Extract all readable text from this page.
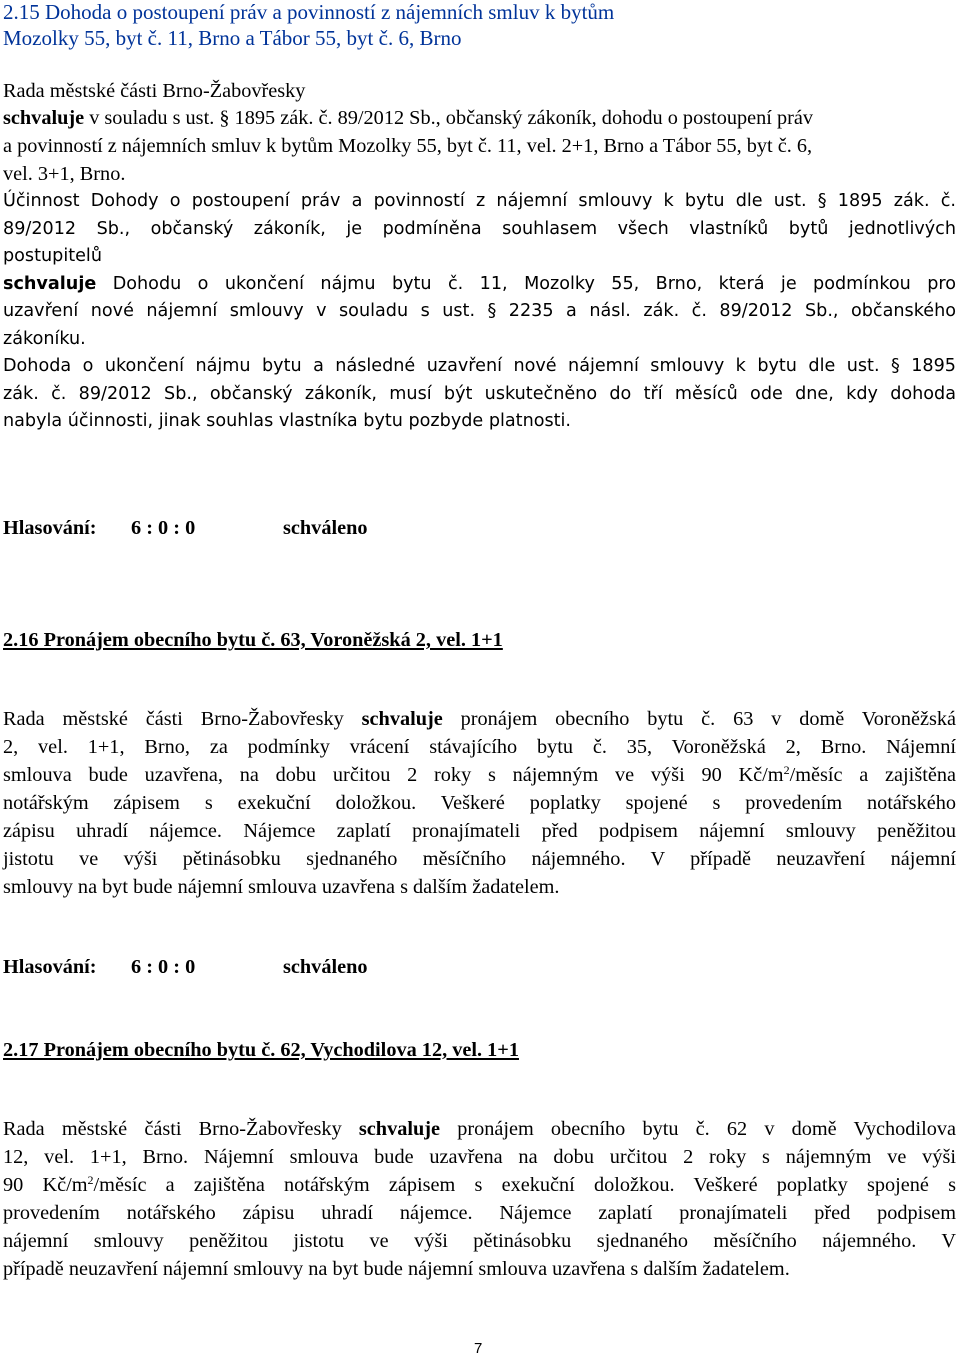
2.15 Dohoda o postoupení práv a povinností z nájemních smluv k bytům
Mozolky 55, byt č. 11, Brno a Tábor 55, byt č. 6, Brno
Rada městské části Brno-Žabovřesky
schvaluje v souladu s ust. § 1895 zák. č. 89/2012 Sb., občanský zákoník, dohodu o postoupení práv
a povinností z nájemních smluv k bytům Mozolky 55, byt č. 11, vel. 2+1, Brno a Tábor 55, byt č. 6,
vel. 3+1, Brno.
Účinnost Dohody o postoupení práv a povinností z nájemní smlouvy k bytu dle ust. § 1895 zák. č.
89/2012 Sb., občanský zákoník, je podmíněna souhlasem všech vlastníků bytů jednotlivých
postupitelů
schvaluje Dohodu o ukončení nájmu bytu č. 11, Mozolky 55, Brno, která je podmínkou pro
uzavření nové nájemní smlouvy v souladu s ust. § 2235 a násl. zák. č. 89/2012 Sb., občanského
zákoníku.
Dohoda o ukončení nájmu bytu a následné uzavření nové nájemní smlouvy k bytu dle ust. § 1895
zák. č. 89/2012 Sb., občanský zákoník, musí být uskutečněno do tří měsíců ode dne, kdy dohoda
nabyla účinnosti, jinak souhlas vlastníka bytu pozbyde platnosti.
Hlasování: 6 : 0 : 0	schváleno
2.16 Pronájem obecního bytu č. 63, Voroněžská 2, vel. 1+1
Rada městské části Brno-Žabovřesky schvaluje pronájem obecního bytu č. 63 v domě Voroněžská
2, vel. 1+1, Brno, za podmínky vrácení stávajícího bytu č. 35, Voroněžská 2, Brno. Nájemní
smlouva bude uzavřena, na dobu určitou 2 roky s nájemným ve výši 90 $Kč/m^2$/měsíc a zajištěna
notářským zápisem s exekuční doložkou. Veškeré poplatky spojené s provedením notářského
zápisu uhradí nájemce. Nájemce zaplatí pronajímateli před podpisem nájemní smlouvy peněžitou
jistotu ve výši pětinásobku sjednaného měsíčního nájemného. V případě neuzavření nájemní
smlouvy na byt bude nájemní smlouva uzavřena s dalším žadatelem.
Hlasování: 6 : 0 : 0	schváleno
2.17 Pronájem obecního bytu č. 62, Vychodilova 12, vel. 1+1
Rada městské části Brno-Žabovřesky schvaluje pronájem obecního bytu č. 62 v domě Vychodilova
12, vel. 1+1, Brno. Nájemní smlouva bude uzavřena na dobu určitou 2 roky s nájemným ve výši
90 $Kč/m^2$/měsíc a zajištěna notářským zápisem s exekuční doložkou. Veškeré poplatky spojené s
provedením notářského zápisu uhradí nájemce. Nájemce zaplatí pronajímateli před podpisem
nájemní smlouvy peněžitou jistotu ve výši pětinásobku sjednaného měsíčního nájemného. V
případě neuzavření nájemní smlouvy na byt bude nájemní smlouva uzavřena s dalším žadatelem.
7
